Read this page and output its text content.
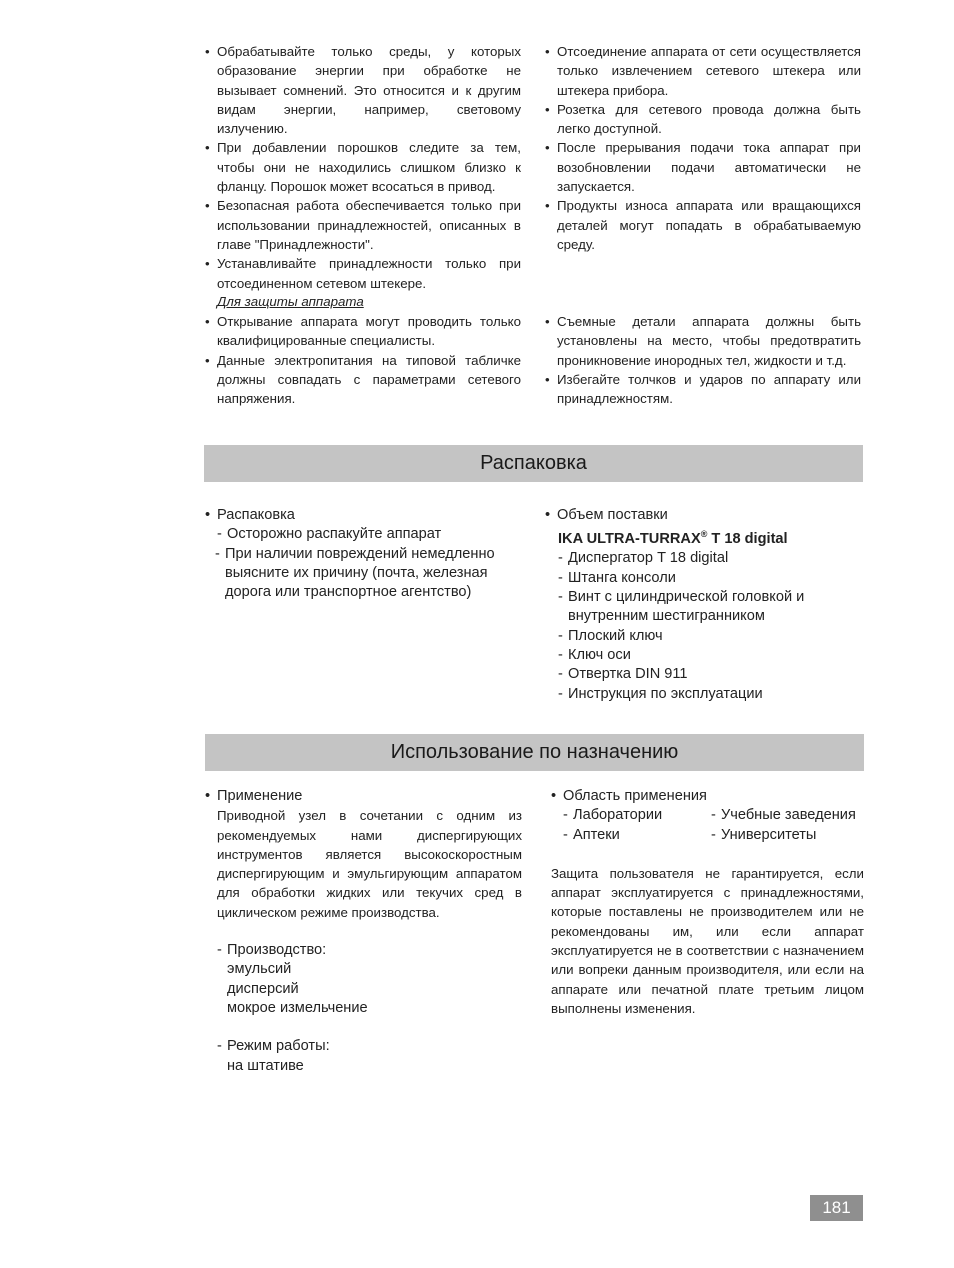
• Обрабатывайте только среды, у которых образование энергии при обработке не вызывает сомнений. Это относится и к другим видам энергии, например, световому излучению.
• При добавлении порошков следите за тем, чтобы они не находились слишком близко к фланцу. Порошок может всосаться в привод.
• Безопасная работа обеспечивается только при использовании принадлежностей, описанных в главе "Принадлежности".
• Устанавливайте принадлежности только при отсоединенном сетевом штекере.
• Отсоединение аппарата от сети осуществляется только извлечением сетевого штекера или штекера прибора.
• Розетка для сетевого провода должна быть легко доступной.
• После прерывания подачи тока аппарат при возобновлении подачи автоматически не запускается.
• Продукты износа аппарата или вращающихся деталей могут попадать в обрабатываемую среду.
Для защиты аппарата
• Открывание аппарата могут проводить только квалифицированные специалисты.
• Данные электропитания на типовой табличке должны совпадать с параметрами сетевого напряжения.
• Съемные детали аппарата должны быть установлены на место, чтобы предотвратить проникновение инородных тел, жидкости и т.д.
• Избегайте толчков и ударов по аппарату или принадлежностям.
Распаковка
• Распаковка
- Осторожно распакуйте аппарат
- При наличии повреждений немедленно выясните их причину (почта, железная дорога или транспортное агентство)
• Объем поставки
IKA ULTRA-TURRAX® T 18 digital
- Диспергатор T 18 digital
- Штанга консоли
- Винт с цилиндрической головкой и внутренним шестигранником
- Плоский ключ
- Ключ оси
- Отвертка DIN 911
- Инструкция по эксплуатации
Использование по назначению
• Применение

Приводной узел в сочетании с одним из рекомендуемых нами диспергирующих инструментов является высокоскоростным диспергирующим и эмульгирующим аппаратом для обработки жидких или текучих сред в циклическом режиме производства.

- Производство:
эмульсий
дисперсий
мокрое измельчение
- Режим работы:
на штативе
• Область применения
- Лаборатории
- Аптеки
- Учебные заведения
- Университеты

Защита пользователя не гарантируется, если аппарат эксплуатируется с принадлежностями, которые поставлены не производителем или не рекомендованы им, или если аппарат эксплуатируется не в соответствии с назначением или вопреки данным производителя, или если на аппарате или печатной плате третьим лицом выполнены изменения.

181
